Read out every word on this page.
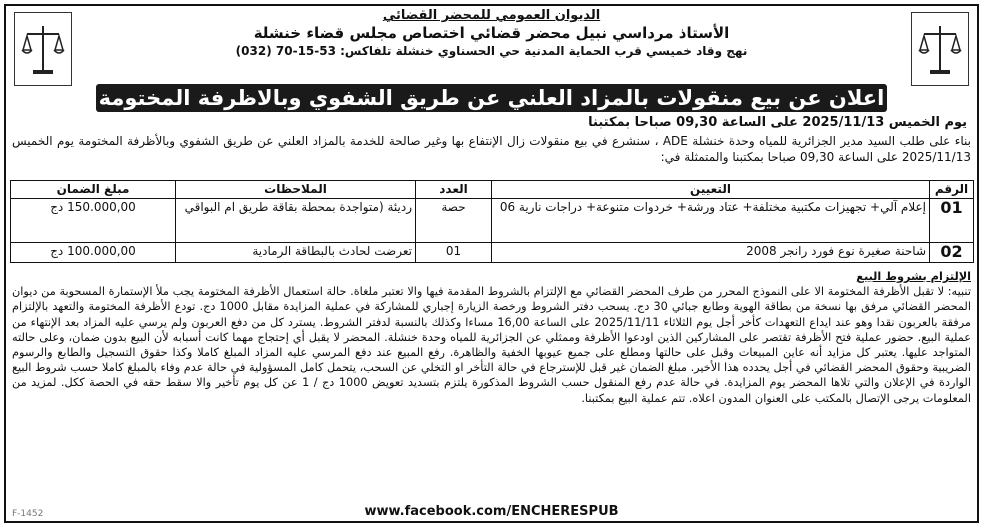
الديوان العمومي للمحضر القضائي
الأستاذ مرداسي نبيل محضر قضائي اختصاص مجلس قضاء خنشلة
نهج وقاد خميسي قرب الحماية المدنية حي الحسناوي خنشلة تلفاكس: 53-15-70 (032)
اعلان عن بيع منقولات بالمزاد العلني عن طريق الشفوي وبالاظرفة المختومة
يوم الخميس 2025/11/13 على الساعة 09,30 صباحا بمكتبنا
بناء على طلب السيد مدير الجزائرية للمياه وحدة خنشلة ADE ، سنشرع في بيع منقولات زال الإنتفاع بها وغير صالحة للخدمة بالمزاد العلني عن طريق الشفوي وبالأظرفة المختومة يوم الخميس 2025/11/13 على الساعة 09,30 صباحا بمكتبنا والمتمثلة في:
الرقم	التعيين	العدد	الملاحظات	مبلغ الضمان
01	إعلام آلي+ تجهيزات مكتبية مختلفة+ عتاد ورشة+ خردوات متنوعة+ دراجات نارية 06	حصة	رديئة (متواجدة بمحطة بقاقة طريق ام البواقي	150.000,00 دج
02	شاحنة صغيرة نوع فورد رانجر 2008	01	تعرضت لحادث بالبطاقة الرمادية	100.000,00 دج
الإلتزام بشروط البيع
تنبيه: لا تقبل الأظرفة المختومة الا على النموذج المحرر من طرف المحضر القضائي مع الإلتزام بالشروط المقدمة فيها والا تعتبر ملغاة. حالة استعمال الأظرفة المختومة يجب ملأ الإستمارة المسحوبة من ديوان المحضر القضائي مرفق بها نسخة من بطاقة الهوية وطابع جبائي 30 دج. يسحب دفتر الشروط ورخصة الزيارة إجباري للمشاركة في عملية المزايدة مقابل 1000 دج. تودع الأظرفة المختومة والتعهد بالإلتزام مرفقة بالعربون نقدا وهو عند ايداع التعهدات كأخر أجل يوم الثلاثاء 2025/11/11 على الساعة 16,00 مساءا وكذلك بالنسبة لدفتر الشروط. يسترد كل من دفع العربون ولم يرسي عليه المزاد بعد الإنتهاء من عملية البيع. حضور عملية فتح الأظرفة تقتصر على المشاركين الذين اودعوا الأظرفة وممثلي عن الجزائرية للمياه وحدة خنشلة. المحضر لا يقبل أي إحتجاج مهما كانت أسبابه لأن البيع بدون ضمان، وعلى حالته المتواجد عليها. يعتبر كل مزايد أنه عاين المبيعات وقبل على حالتها ومطلع على جميع عيوبها الخفية والظاهرة. رفع المبيع عند دفع المرسي عليه المزاد المبلغ كاملا وكذا حقوق التسجيل والطابع والرسوم الضريبية وحقوق المحضر القضائي في أجل يحدده هذا الأخير. مبلغ الضمان غير قبل للإسترجاع في حالة التأخر او التخلي عن السحب، يتحمل كامل المسؤولية في حالة عدم وفاء بالمبلغ كاملا حسب شروط البيع الواردة في الإعلان والتي تلاها المحضر يوم المزايدة. في حالة عدم رفع المنقول حسب الشروط المذكورة يلتزم بتسديد تعويض 1000 دج / 1 عن كل يوم تأخير والا سقط حقه في الحصة ككل. لمزيد من المعلومات يرجى الإتصال بالمكتب على العنوان المدون اعلاه. تتم عملية البيع بمكتبنا.
F-1452	www.facebook.com/ENCHERESPUB
